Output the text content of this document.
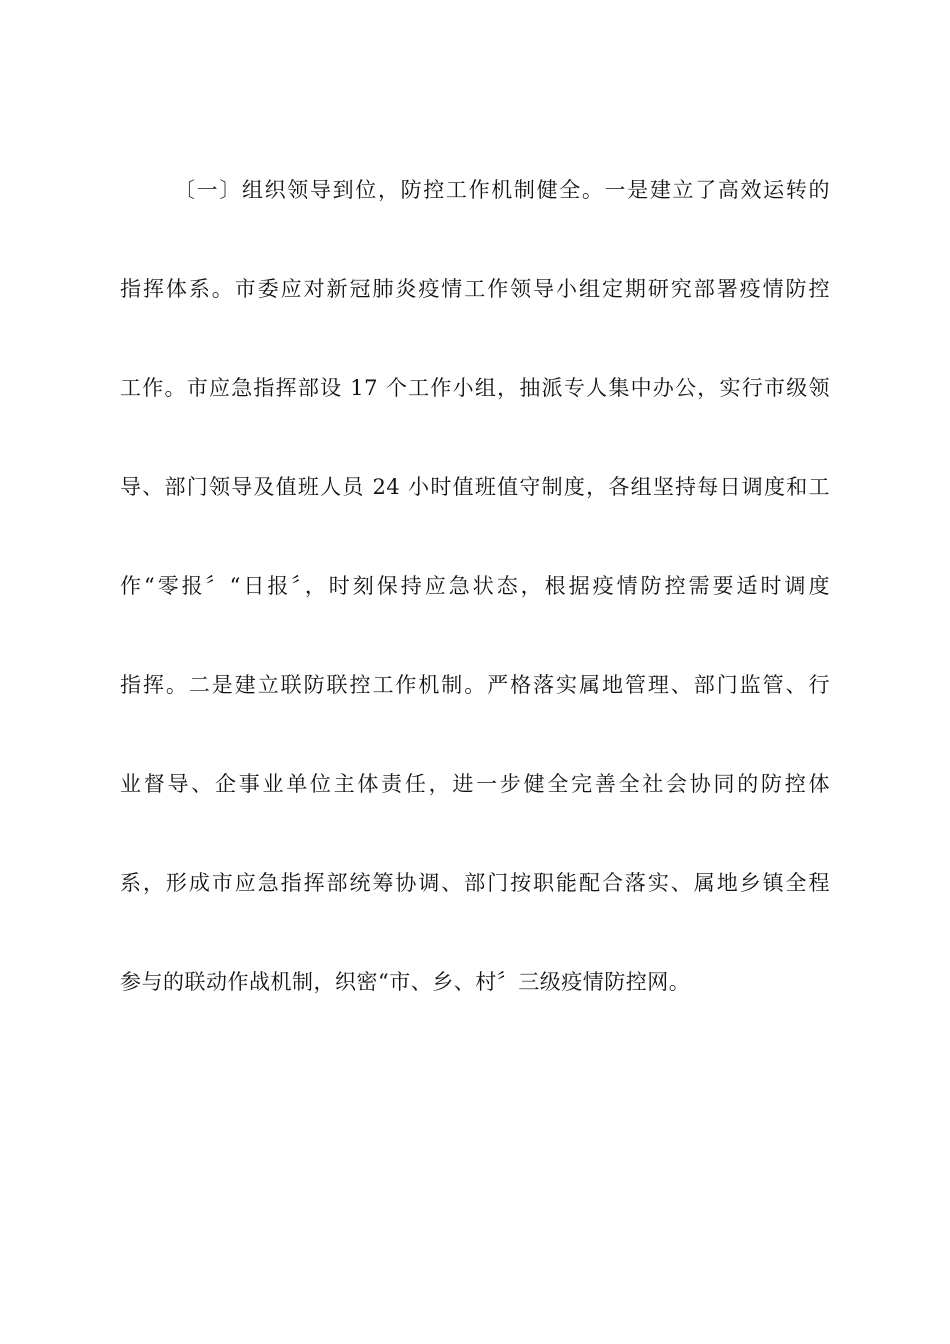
〔一〕组织领导到位，防控工作机制健全。一是建立了高效运转的
指挥体系。市委应对新冠肺炎疫情工作领导小组定期研究部署疫情防控
工作。市应急指挥部设 17 个工作小组，抽派专人集中办公，实行市级领
导、部门领导及值班人员 24 小时值班值守制度，各组坚持每日调度和工
作“零报〞“日报〞，时刻保持应急状态，根据疫情防控需要适时调度
指挥。二是建立联防联控工作机制。严格落实属地管理、部门监管、行
业督导、企事业单位主体责任，进一步健全完善全社会协同的防控体
系，形成市应急指挥部统筹协调、部门按职能配合落实、属地乡镇全程
参与的联动作战机制，织密“市、乡、村〞三级疫情防控网。
